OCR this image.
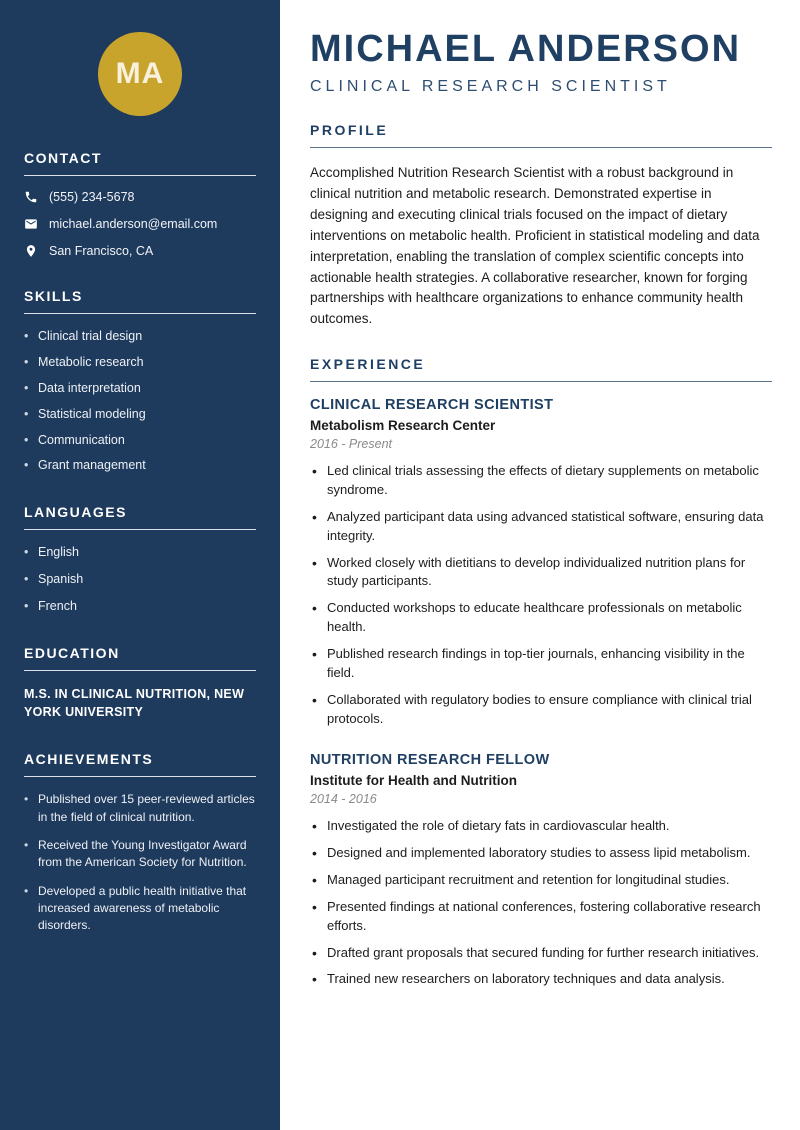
MA
CONTACT
(555) 234-5678
michael.anderson@email.com
San Francisco, CA
SKILLS
• Clinical trial design
• Metabolic research
• Data interpretation
• Statistical modeling
• Communication
• Grant management
LANGUAGES
• English
• Spanish
• French
EDUCATION
M.S. IN CLINICAL NUTRITION, NEW YORK UNIVERSITY
ACHIEVEMENTS
• Published over 15 peer-reviewed articles in the field of clinical nutrition.
• Received the Young Investigator Award from the American Society for Nutrition.
• Developed a public health initiative that increased awareness of metabolic disorders.
MICHAEL ANDERSON
CLINICAL RESEARCH SCIENTIST
PROFILE

Accomplished Nutrition Research Scientist with a robust background in clinical nutrition and metabolic research. Demonstrated expertise in designing and executing clinical trials focused on the impact of dietary interventions on metabolic health. Proficient in statistical modeling and data interpretation, enabling the translation of complex scientific concepts into actionable health strategies. A collaborative researcher, known for forging partnerships with healthcare organizations to enhance community health outcomes.

EXPERIENCE
CLINICAL RESEARCH SCIENTIST
Metabolism Research Center
2016 - Present
• Led clinical trials assessing the effects of dietary supplements on metabolic syndrome.
• Analyzed participant data using advanced statistical software, ensuring data integrity.
• Worked closely with dietitians to develop individualized nutrition plans for study participants.
• Conducted workshops to educate healthcare professionals on metabolic health.
• Published research findings in top-tier journals, enhancing visibility in the field.
• Collaborated with regulatory bodies to ensure compliance with clinical trial protocols.
NUTRITION RESEARCH FELLOW
Institute for Health and Nutrition
2014 - 2016
• Investigated the role of dietary fats in cardiovascular health.
• Designed and implemented laboratory studies to assess lipid metabolism.
• Managed participant recruitment and retention for longitudinal studies.
• Presented findings at national conferences, fostering collaborative research efforts.
• Drafted grant proposals that secured funding for further research initiatives.
• Trained new researchers on laboratory techniques and data analysis.
